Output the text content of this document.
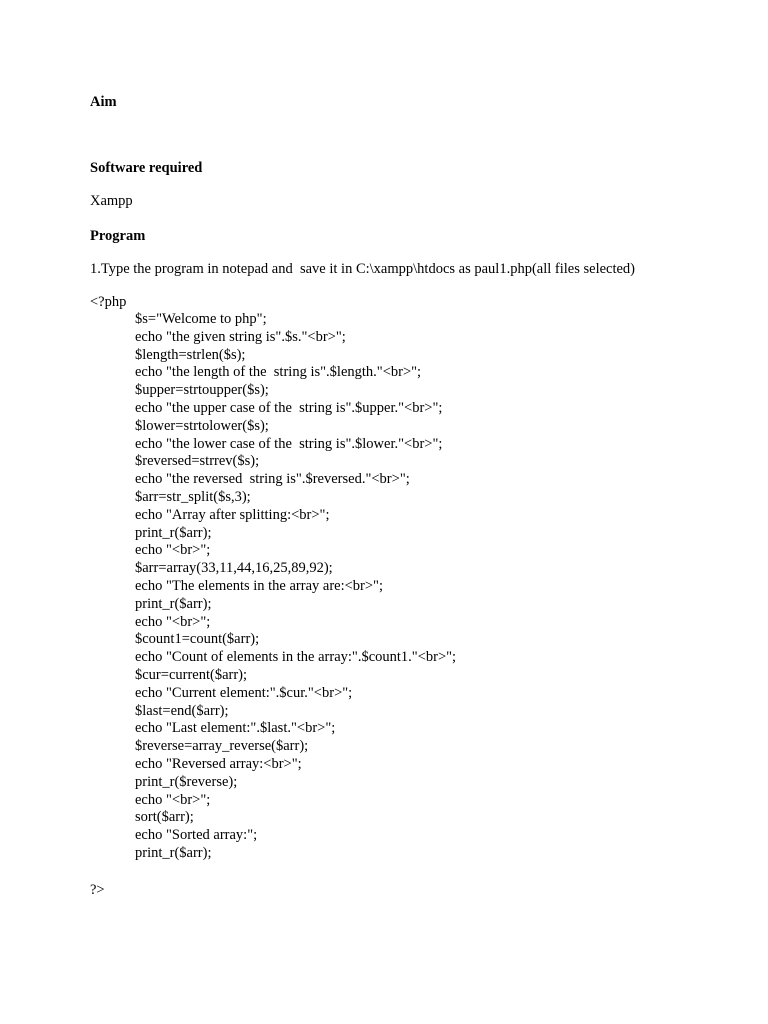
Aim
Software required
Xampp
Program
1.Type the program in notepad and  save it in C:\xampp\htdocs as paul1.php(all files selected)
<?php
$s="Welcome to php";
echo "the given string is".$s."<br>";
$length=strlen($s);
echo "the length of the  string is".$length."<br>";
$upper=strtoupper($s);
echo "the upper case of the  string is".$upper."<br>";
$lower=strtolower($s);
echo "the lower case of the  string is".$lower."<br>";
$reversed=strrev($s);
echo "the reversed  string is".$reversed."<br>";
$arr=str_split($s,3);
echo "Array after splitting:<br>";
print_r($arr);
echo "<br>";
$arr=array(33,11,44,16,25,89,92);
echo "The elements in the array are:<br>";
print_r($arr);
echo "<br>";
$count1=count($arr);
echo "Count of elements in the array:".$count1."<br>";
$cur=current($arr);
echo "Current element:".$cur."<br>";
$last=end($arr);
echo "Last element:".$last."<br>";
$reverse=array_reverse($arr);
echo "Reversed array:<br>";
print_r($reverse);
echo "<br>";
sort($arr);
echo "Sorted array:";
print_r($arr);
?>
